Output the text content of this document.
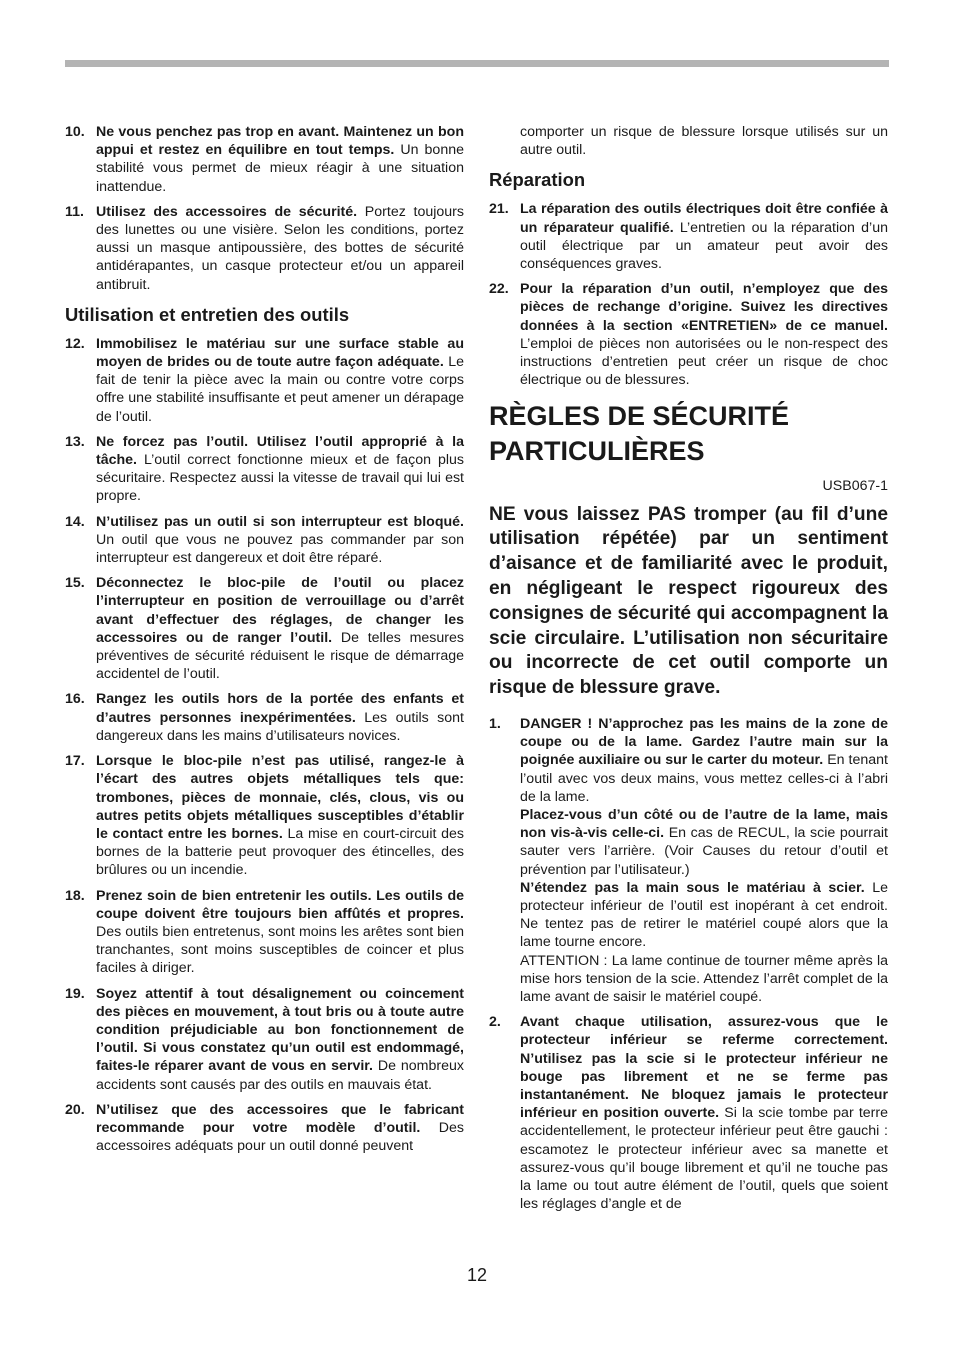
10. Ne vous penchez pas trop en avant. Maintenez un bon appui et restez en équilibre en tout temps. Un bonne stabilité vous permet de mieux réagir à une situation inattendue.
11. Utilisez des accessoires de sécurité. Portez toujours des lunettes ou une visière. Selon les conditions, portez aussi un masque antipoussière, des bottes de sécurité antidérapantes, un casque protecteur et/ou un appareil antibruit.
Utilisation et entretien des outils
12. Immobilisez le matériau sur une surface stable au moyen de brides ou de toute autre façon adéquate. Le fait de tenir la pièce avec la main ou contre votre corps offre une stabilité insuffisante et peut amener un dérapage de l’outil.
13. Ne forcez pas l’outil. Utilisez l’outil approprié à la tâche. L’outil correct fonctionne mieux et de façon plus sécuritaire. Respectez aussi la vitesse de travail qui lui est propre.
14. N’utilisez pas un outil si son interrupteur est bloqué. Un outil que vous ne pouvez pas commander par son interrupteur est dangereux et doit être réparé.
15. Déconnectez le bloc-pile de l’outil ou placez l’interrupteur en position de verrouillage ou d’arrêt avant d’effectuer des réglages, de changer les accessoires ou de ranger l’outil. De telles mesures préventives de sécurité réduisent le risque de démarrage accidentel de l’outil.
16. Rangez les outils hors de la portée des enfants et d’autres personnes inexpérimentées. Les outils sont dangereux dans les mains d’utilisateurs novices.
17. Lorsque le bloc-pile n’est pas utilisé, rangez-le à l’écart des autres objets métalliques tels que: trombones, pièces de monnaie, clés, clous, vis ou autres petits objets métalliques susceptibles d’établir le contact entre les bornes. La mise en court-circuit des bornes de la batterie peut provoquer des étincelles, des brûlures ou un incendie.
18. Prenez soin de bien entretenir les outils. Les outils de coupe doivent être toujours bien affûtés et propres. Des outils bien entretenus, sont moins les arêtes sont bien tranchantes, sont moins susceptibles de coincer et plus faciles à diriger.
19. Soyez attentif à tout désalignement ou coincement des pièces en mouvement, à tout bris ou à toute autre condition préjudiciable au bon fonctionnement de l’outil. Si vous constatez qu’un outil est endommagé, faites-le réparer avant de vous en servir. De nombreux accidents sont causés par des outils en mauvais état.
20. N’utilisez que des accessoires que le fabricant recommande pour votre modèle d’outil. Des accessoires adéquats pour un outil donné peuvent

comporter un risque de blessure lorsque utilisés sur un autre outil.

Réparation
21. La réparation des outils électriques doit être confiée à un réparateur qualifié. L’entretien ou la réparation d’un outil électrique par un amateur peut avoir des conséquences graves.
22. Pour la réparation d’un outil, n’employez que des pièces de rechange d’origine. Suivez les directives données à la section «ENTRETIEN» de ce manuel. L’emploi de pièces non autorisées ou le non-respect des instructions d’entretien peut créer un risque de choc électrique ou de blessures.
RÈGLES DE SÉCURITÉ
PARTICULIÈRES
USB067-1

NE vous laissez PAS tromper (au fil d’une utilisation répétée) par un sentiment d’aisance et de familiarité avec le produit, en négligeant le respect rigoureux des consignes de sécurité qui accompagnent la scie circulaire. L’utilisation non sécuritaire ou incorrecte de cet outil comporte un risque de blessure grave.

1. DANGER ! N’approchez pas les mains de la zone de coupe ou de la lame. Gardez l’autre main sur la poignée auxiliaire ou sur le carter du moteur. En tenant l’outil avec vos deux mains, vous mettez celles-ci à l’abri de la lame.

Placez-vous d’un côté ou de l’autre de la lame, mais non vis-à-vis celle-ci. En cas de RECUL, la scie pourrait sauter vers l’arrière. (Voir Causes du retour d’outil et prévention par l’utilisateur.)

N’étendez pas la main sous le matériau à scier. Le protecteur inférieur de l’outil est inopérant à cet endroit. Ne tentez pas de retirer le matériel coupé alors que la lame tourne encore.

ATTENTION : La lame continue de tourner même après la mise hors tension de la scie. Attendez l’arrêt complet de la lame avant de saisir le matériel coupé.

2. Avant chaque utilisation, assurez-vous que le protecteur inférieur se referme correctement. N’utilisez pas la scie si le protecteur inférieur ne bouge pas librement et ne se ferme pas instantanément. Ne bloquez jamais le protecteur inférieur en position ouverte. Si la scie tombe par terre accidentellement, le protecteur inférieur peut être gauchi : escamotez le protecteur inférieur avec sa manette et assurez-vous qu’il bouge librement et qu’il ne touche pas la lame ou tout autre élément de l’outil, quels que soient les réglages d’angle et de
12
